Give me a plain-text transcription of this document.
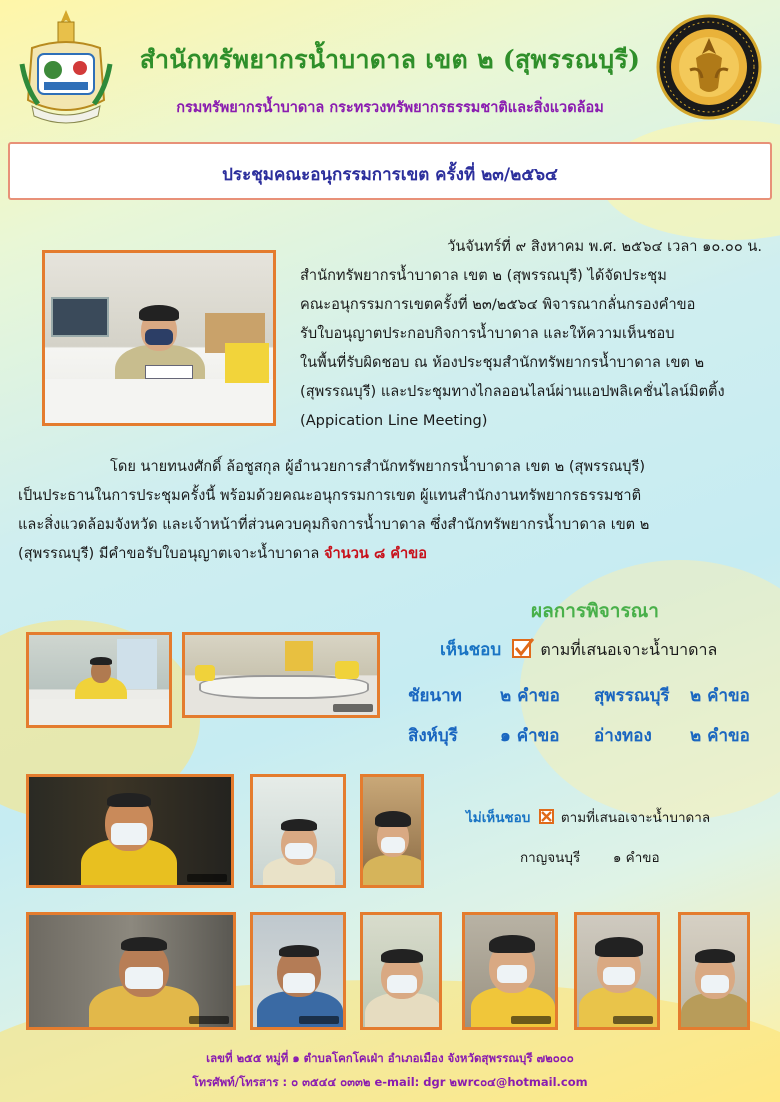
สำนักทรัพยากรน้ำบาดาล เขต ๒ (สุพรรณบุรี)
กรมทรัพยากรน้ำบาดาล กระทรวงทรัพยากรธรรมชาติและสิ่งแวดล้อม
ประชุมคณะอนุกรรมการเขต ครั้งที่ ๒๓/๒๕๖๔
วันจันทร์ที่ ๙ สิงหาคม พ.ศ. ๒๕๖๔ เวลา ๑๐.๐๐ น.
สำนักทรัพยากรน้ำบาดาล เขต ๒ (สุพรรณบุรี) ได้จัดประชุม
คณะอนุกรรมการเขตครั้งที่ ๒๓/๒๕๖๔ พิจารณากลั่นกรองคำขอ
รับใบอนุญาตประกอบกิจการน้ำบาดาล และให้ความเห็นชอบ
ในพื้นที่รับผิดชอบ ณ ห้องประชุมสำนักทรัพยากรน้ำบาดาล เขต ๒
(สุพรรณบุรี) และประชุมทางไกลออนไลน์ผ่านแอปพลิเคชั่นไลน์มิตติ้ง
(Appication Line Meeting)
โดย นายทนงศักดิ์ ล้อชูสกุล ผู้อำนวยการสำนักทรัพยากรน้ำบาดาล เขต ๒ (สุพรรณบุรี)
เป็นประธานในการประชุมครั้งนี้ พร้อมด้วยคณะอนุกรรมการเขต ผู้แทนสำนักงานทรัพยากรธรรมชาติ
และสิ่งแวดล้อมจังหวัด และเจ้าหน้าที่ส่วนควบคุมกิจการน้ำบาดาล ซึ่งสำนักทรัพยากรน้ำบาดาล เขต ๒
(สุพรรณบุรี) มีคำขอรับใบอนุญาตเจาะน้ำบาดาล จำนวน ๘ คำขอ
ผลการพิจารณา
เห็นชอบ ตามที่เสนอเจาะน้ำบาดาล
ชัยนาท ๒ คำขอ สุพรรณบุรี ๒ คำขอ
สิงห์บุรี ๑ คำขอ อ่างทอง ๒ คำขอ
ไม่เห็นชอบ ☒ ตามที่เสนอเจาะน้ำบาดาล
กาญจนบุรี ๑ คำขอ
เลขที่ ๒๕๕ หมู่ที่ ๑ ตำบลโคกโคเฝ่า อำเภอเมือง จังหวัดสุพรรณบุรี ๗๒๐๐๐
โทรศัพท์/โทรสาร : ๐ ๓๕๔๔ ๐๓๓๒ e-mail: dgr ๒wrc๐๔@hotmail.com
